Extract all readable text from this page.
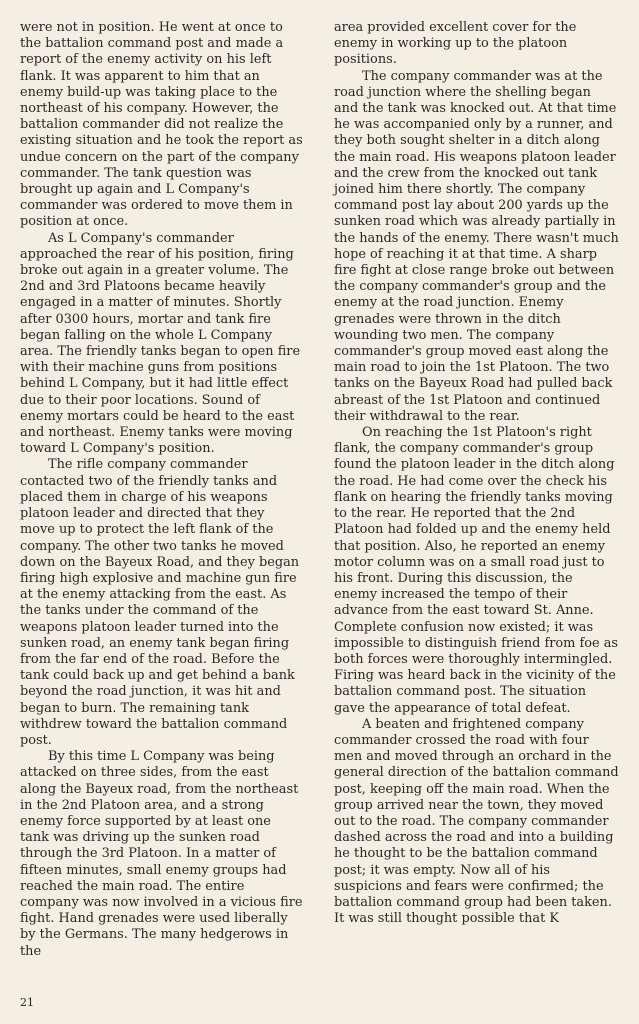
were not in position. He went at once to the battalion command post and made a report of the enemy activity on his left flank. It was apparent to him that an enemy build-up was taking place to the northeast of his company. However, the battalion commander did not realize the existing situation and he took the report as undue concern on the part of the company commander. The tank question was brought up again and L Company's commander was ordered to move them in position at once.

As L Company's commander approached the rear of his position, firing broke out again in a greater volume. The 2nd and 3rd Platoons became heavily engaged in a matter of minutes. Shortly after 0300 hours, mortar and tank fire began falling on the whole L Company area. The friendly tanks began to open fire with their machine guns from positions behind L Company, but it had little effect due to their poor locations. Sound of enemy mortars could be heard to the east and northeast. Enemy tanks were moving toward L Company's position.

The rifle company commander contacted two of the friendly tanks and placed them in charge of his weapons platoon leader and directed that they move up to protect the left flank of the company. The other two tanks he moved down on the Bayeux Road, and they began firing high explosive and machine gun fire at the enemy attacking from the east. As the tanks under the command of the weapons platoon leader turned into the sunken road, an enemy tank began firing from the far end of the road. Before the tank could back up and get behind a bank beyond the road junction, it was hit and began to burn. The remaining tank withdrew toward the battalion command post.

By this time L Company was being attacked on three sides, from the east along the Bayeux road, from the northeast in the 2nd Platoon area, and a strong enemy force supported by at least one tank was driving up the sunken road through the 3rd Platoon. In a matter of fifteen minutes, small enemy groups had reached the main road. The entire company was now involved in a vicious fire fight. Hand grenades were used liberally by the Germans. The many hedgerows in the

area provided excellent cover for the enemy in working up to the platoon positions.

The company commander was at the road junction where the shelling began and the tank was knocked out. At that time he was accompanied only by a runner, and they both sought shelter in a ditch along the main road. His weapons platoon leader and the crew from the knocked out tank joined him there shortly. The company command post lay about 200 yards up the sunken road which was already partially in the hands of the enemy. There wasn't much hope of reaching it at that time. A sharp fire fight at close range broke out between the company commander's group and the enemy at the road junction. Enemy grenades were thrown in the ditch wounding two men. The company commander's group moved east along the main road to join the 1st Platoon. The two tanks on the Bayeux Road had pulled back abreast of the 1st Platoon and continued their withdrawal to the rear.

On reaching the 1st Platoon's right flank, the company commander's group found the platoon leader in the ditch along the road. He had come over the check his flank on hearing the friendly tanks moving to the rear. He reported that the 2nd Platoon had folded up and the enemy held that position. Also, he reported an enemy motor column was on a small road just to his front. During this discussion, the enemy increased the tempo of their advance from the east toward St. Anne. Complete confusion now existed; it was impossible to distinguish friend from foe as both forces were thoroughly intermingled. Firing was heard back in the vicinity of the battalion command post. The situation gave the appearance of total defeat.

A beaten and frightened company commander crossed the road with four men and moved through an orchard in the general direction of the battalion command post, keeping off the main road. When the group arrived near the town, they moved out to the road. The company commander dashed across the road and into a building he thought to be the battalion command post; it was empty. Now all of his suspicions and fears were confirmed; the battalion command group had been taken. It was still thought possible that K

21
